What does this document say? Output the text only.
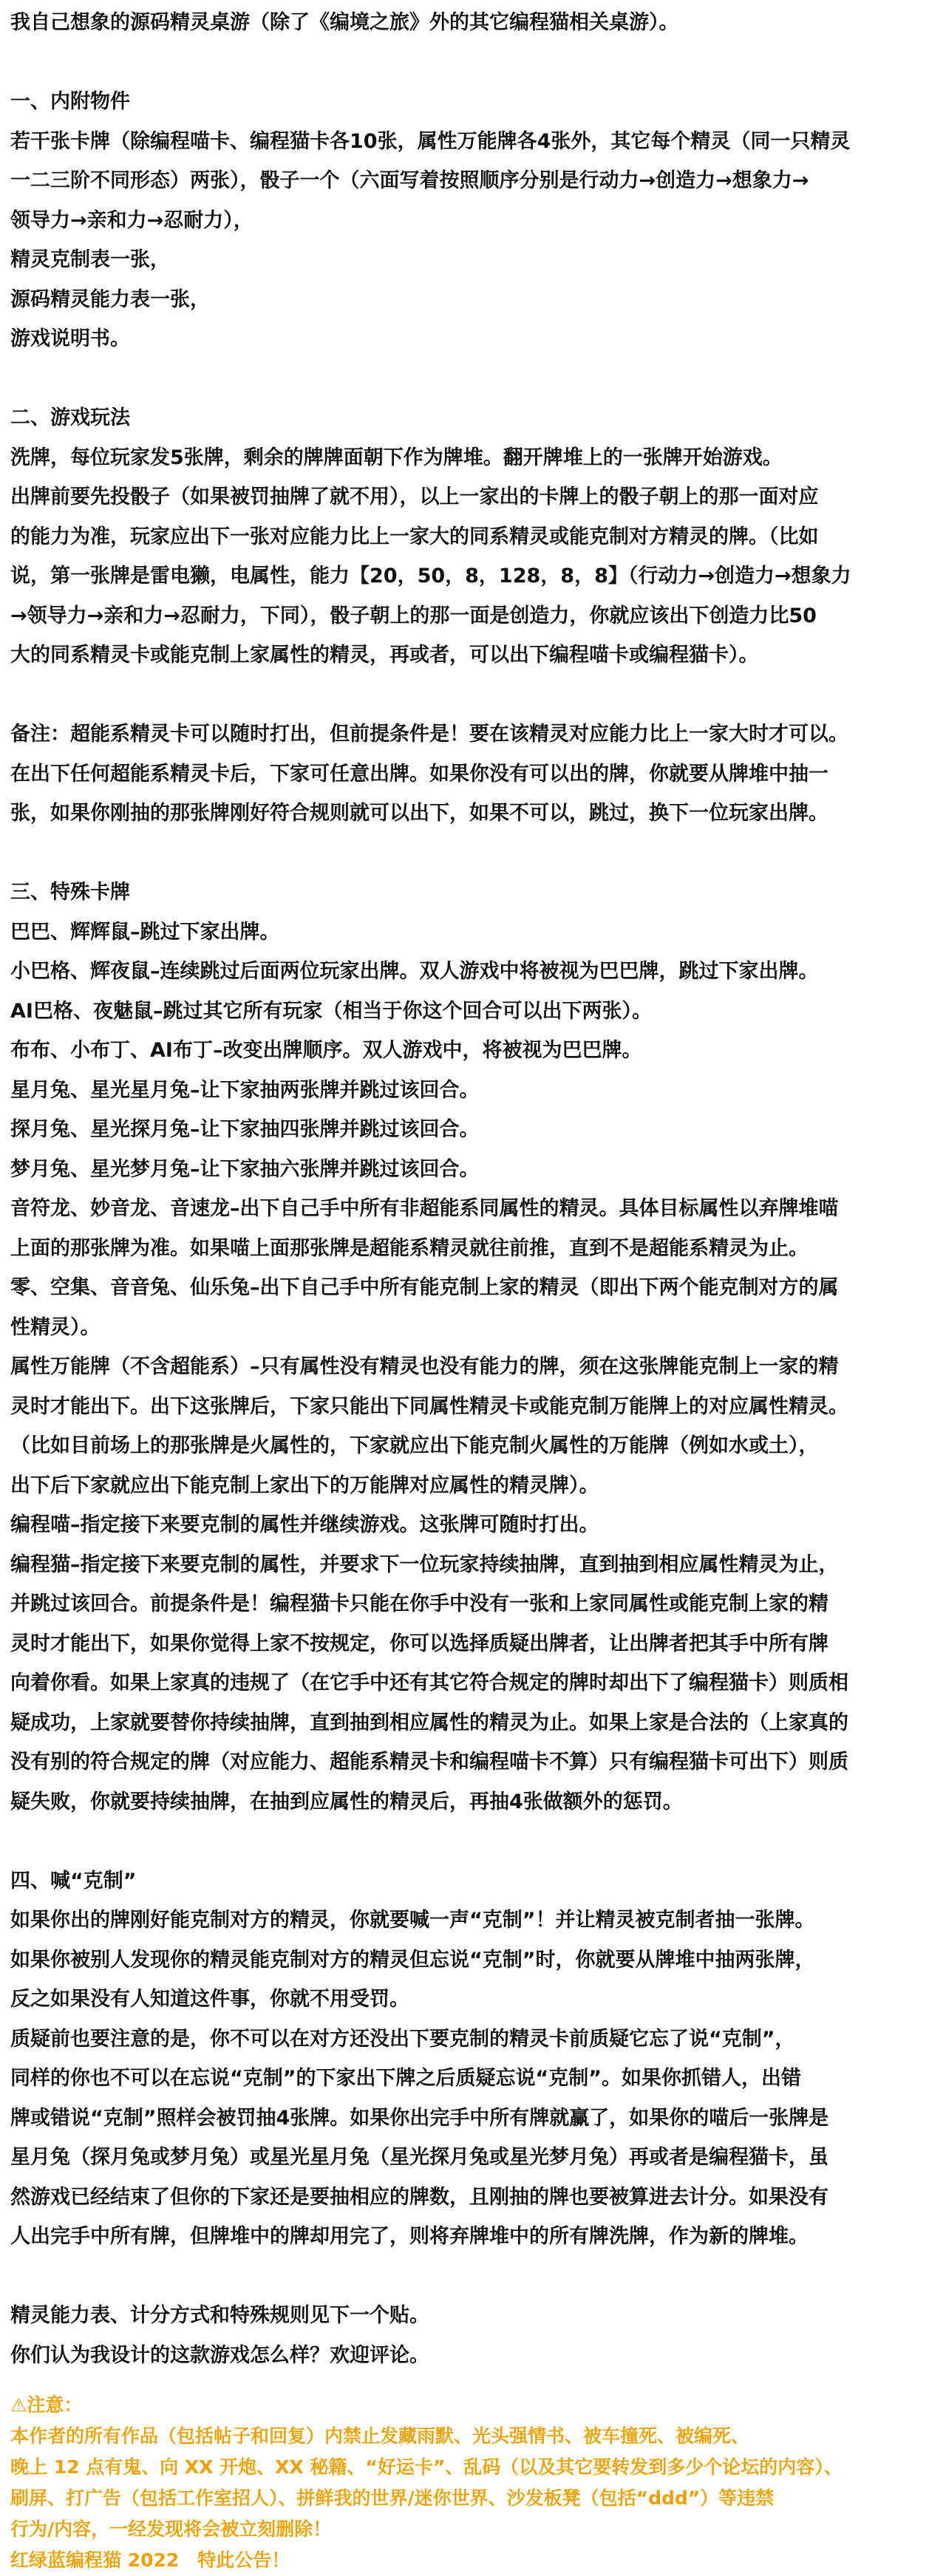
我自己想象的源码精灵桌游（除了《编境之旅》外的其它编程猫相关桌游）。

一、内附物件

若干张卡牌（除编程喵卡、编程猫卡各10张，属性万能牌各4张外，其它每个精灵（同一只精灵

一二三阶不同形态）两张），骰子一个（六面写着按照顺序分别是行动力→创造力→想象力→

领导力→亲和力→忍耐力），

精灵克制表一张，

源码精灵能力表一张，

游戏说明书。

二、游戏玩法

洗牌，每位玩家发5张牌，剩余的牌牌面朝下作为牌堆。翻开牌堆上的一张牌开始游戏。

出牌前要先投骰子（如果被罚抽牌了就不用），以上一家出的卡牌上的骰子朝上的那一面对应

的能力为准，玩家应出下一张对应能力比上一家大的同系精灵或能克制对方精灵的牌。（比如

说，第一张牌是雷电獭，电属性，能力【20，50，8，128，8，8】（行动力→创造力→想象力

→领导力→亲和力→忍耐力，下同），骰子朝上的那一面是创造力，你就应该出下创造力比50

大的同系精灵卡或能克制上家属性的精灵，再或者，可以出下编程喵卡或编程猫卡）。

备注：超能系精灵卡可以随时打出，但前提条件是！要在该精灵对应能力比上一家大时才可以。

在出下任何超能系精灵卡后，下家可任意出牌。如果你没有可以出的牌，你就要从牌堆中抽一

张，如果你刚抽的那张牌刚好符合规则就可以出下，如果不可以，跳过，换下一位玩家出牌。

三、特殊卡牌

巴巴、辉辉鼠–跳过下家出牌。

小巴格、辉夜鼠–连续跳过后面两位玩家出牌。双人游戏中将被视为巴巴牌，跳过下家出牌。

AI巴格、夜魅鼠–跳过其它所有玩家（相当于你这个回合可以出下两张）。

布布、小布丁、AI布丁–改变出牌顺序。双人游戏中，将被视为巴巴牌。

星月兔、星光星月兔–让下家抽两张牌并跳过该回合。

探月兔、星光探月兔–让下家抽四张牌并跳过该回合。

梦月兔、星光梦月兔–让下家抽六张牌并跳过该回合。

音符龙、妙音龙、音速龙–出下自己手中所有非超能系同属性的精灵。具体目标属性以弃牌堆喵

上面的那张牌为准。如果喵上面那张牌是超能系精灵就往前推，直到不是超能系精灵为止。

零、空集、音音兔、仙乐兔–出下自己手中所有能克制上家的精灵（即出下两个能克制对方的属

性精灵）。

属性万能牌（不含超能系）–只有属性没有精灵也没有能力的牌，须在这张牌能克制上一家的精

灵时才能出下。出下这张牌后，下家只能出下同属性精灵卡或能克制万能牌上的对应属性精灵。

（比如目前场上的那张牌是火属性的，下家就应出下能克制火属性的万能牌（例如水或土），

出下后下家就应出下能克制上家出下的万能牌对应属性的精灵牌）。

编程喵–指定接下来要克制的属性并继续游戏。这张牌可随时打出。

编程猫–指定接下来要克制的属性，并要求下一位玩家持续抽牌，直到抽到相应属性精灵为止，

并跳过该回合。前提条件是！编程猫卡只能在你手中没有一张和上家同属性或能克制上家的精

灵时才能出下，如果你觉得上家不按规定，你可以选择质疑出牌者，让出牌者把其手中所有牌

向着你看。如果上家真的违规了（在它手中还有其它符合规定的牌时却出下了编程猫卡）则质相

疑成功，上家就要替你持续抽牌，直到抽到相应属性的精灵为止。如果上家是合法的（上家真的

没有别的符合规定的牌（对应能力、超能系精灵卡和编程喵卡不算）只有编程猫卡可出下）则质

疑失败，你就要持续抽牌，在抽到应属性的精灵后，再抽4张做额外的惩罚。

四、喊“克制”

如果你出的牌刚好能克制对方的精灵，你就要喊一声“克制”！并让精灵被克制者抽一张牌。

如果你被别人发现你的精灵能克制对方的精灵但忘说“克制”时，你就要从牌堆中抽两张牌，

反之如果没有人知道这件事，你就不用受罚。

质疑前也要注意的是，你不可以在对方还没出下要克制的精灵卡前质疑它忘了说“克制”，

同样的你也不可以在忘说“克制”的下家出下牌之后质疑忘说“克制”。如果你抓错人，出错

牌或错说“克制”照样会被罚抽4张牌。如果你出完手中所有牌就赢了，如果你的喵后一张牌是

星月兔（探月兔或梦月兔）或星光星月兔（星光探月兔或星光梦月兔）再或者是编程猫卡，虽

然游戏已经结束了但你的下家还是要抽相应的牌数，且刚抽的牌也要被算进去计分。如果没有

人出完手中所有牌，但牌堆中的牌却用完了，则将弃牌堆中的所有牌洗牌，作为新的牌堆。

精灵能力表、计分方式和特殊规则见下一个贴。

你们认为我设计的这款游戏怎么样？欢迎评论。

⚠注意：

本作者的所有作品（包括帖子和回复）内禁止发藏雨默、光头强情书、被车撞死、被编死、

晚上 12 点有鬼、向 XX 开炮、XX 秘籍、“好运卡”、乱码（以及其它要转发到多少个论坛的内容）、

刷屏、打广告（包括工作室招人）、拼鲜我的世界/迷你世界、沙发板凳（包括“ddd”）等违禁

行为/内容，一经发现将会被立刻删除！

红绿蓝编程猫 2022　特此公告！
